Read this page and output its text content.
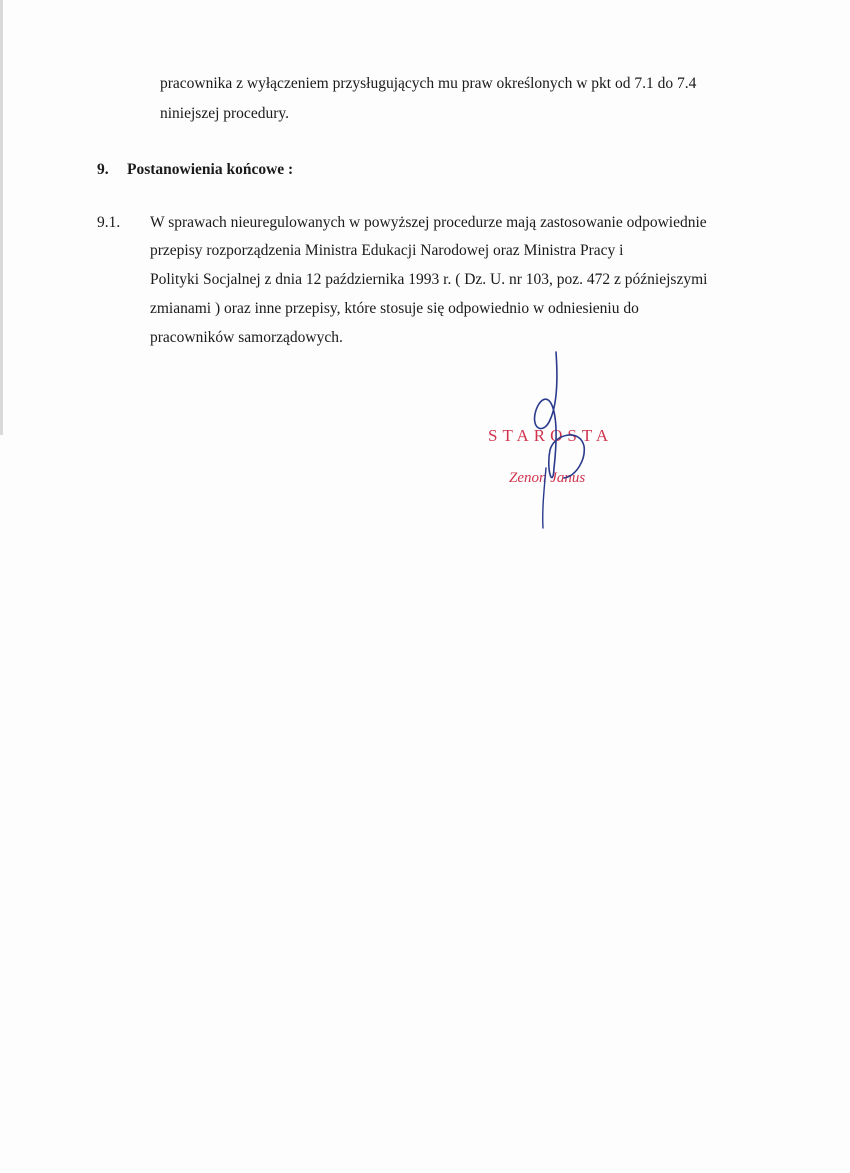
pracownika z wyłączeniem przysługujących mu praw określonych w pkt od 7.1 do 7.4
niniejszej procedury.
9. Postanowienia końcowe :
9.1. W sprawach nieuregulowanych w powyższej procedurze mają zastosowanie odpowiednie
przepisy rozporządzenia Ministra Edukacji Narodowej oraz Ministra Pracy i
Polityki Socjalnej z dnia 12 października 1993 r. ( Dz. U. nr 103, poz. 472 z późniejszymi
zmianami ) oraz inne przepisy, które stosuje się odpowiednio w odniesieniu do
pracowników samorządowych.
STAROSTA
Zenon Janus
